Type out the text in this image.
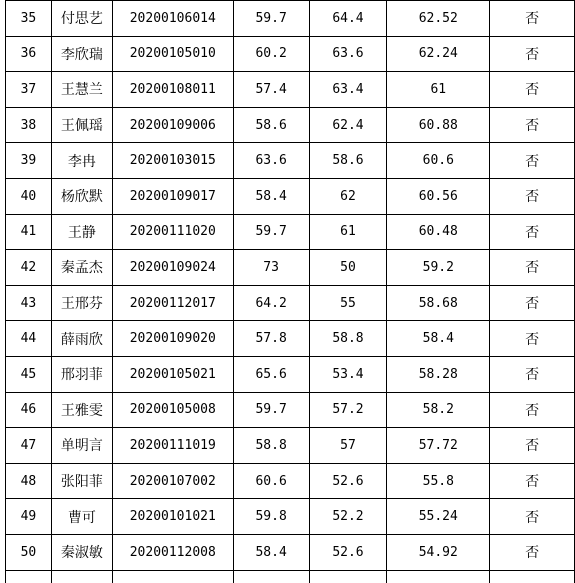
35	付思艺	20200106014	59.7	64.4	62.52	否
36	李欣瑞	20200105010	60.2	63.6	62.24	否
37	王慧兰	20200108011	57.4	63.4	61	否
38	王佩瑶	20200109006	58.6	62.4	60.88	否
39	李冉	20200103015	63.6	58.6	60.6	否
40	杨欣默	20200109017	58.4	62	60.56	否
41	王静	20200111020	59.7	61	60.48	否
42	秦孟杰	20200109024	73	50	59.2	否
43	王邢芬	20200112017	64.2	55	58.68	否
44	薛雨欣	20200109020	57.8	58.8	58.4	否
45	邢羽菲	20200105021	65.6	53.4	58.28	否
46	王雅雯	20200105008	59.7	57.2	58.2	否
47	单明言	20200111019	58.8	57	57.72	否
48	张阳菲	20200107002	60.6	52.6	55.8	否
49	曹可	20200101021	59.8	52.2	55.24	否
50	秦淑敏	20200112008	58.4	52.6	54.92	否
